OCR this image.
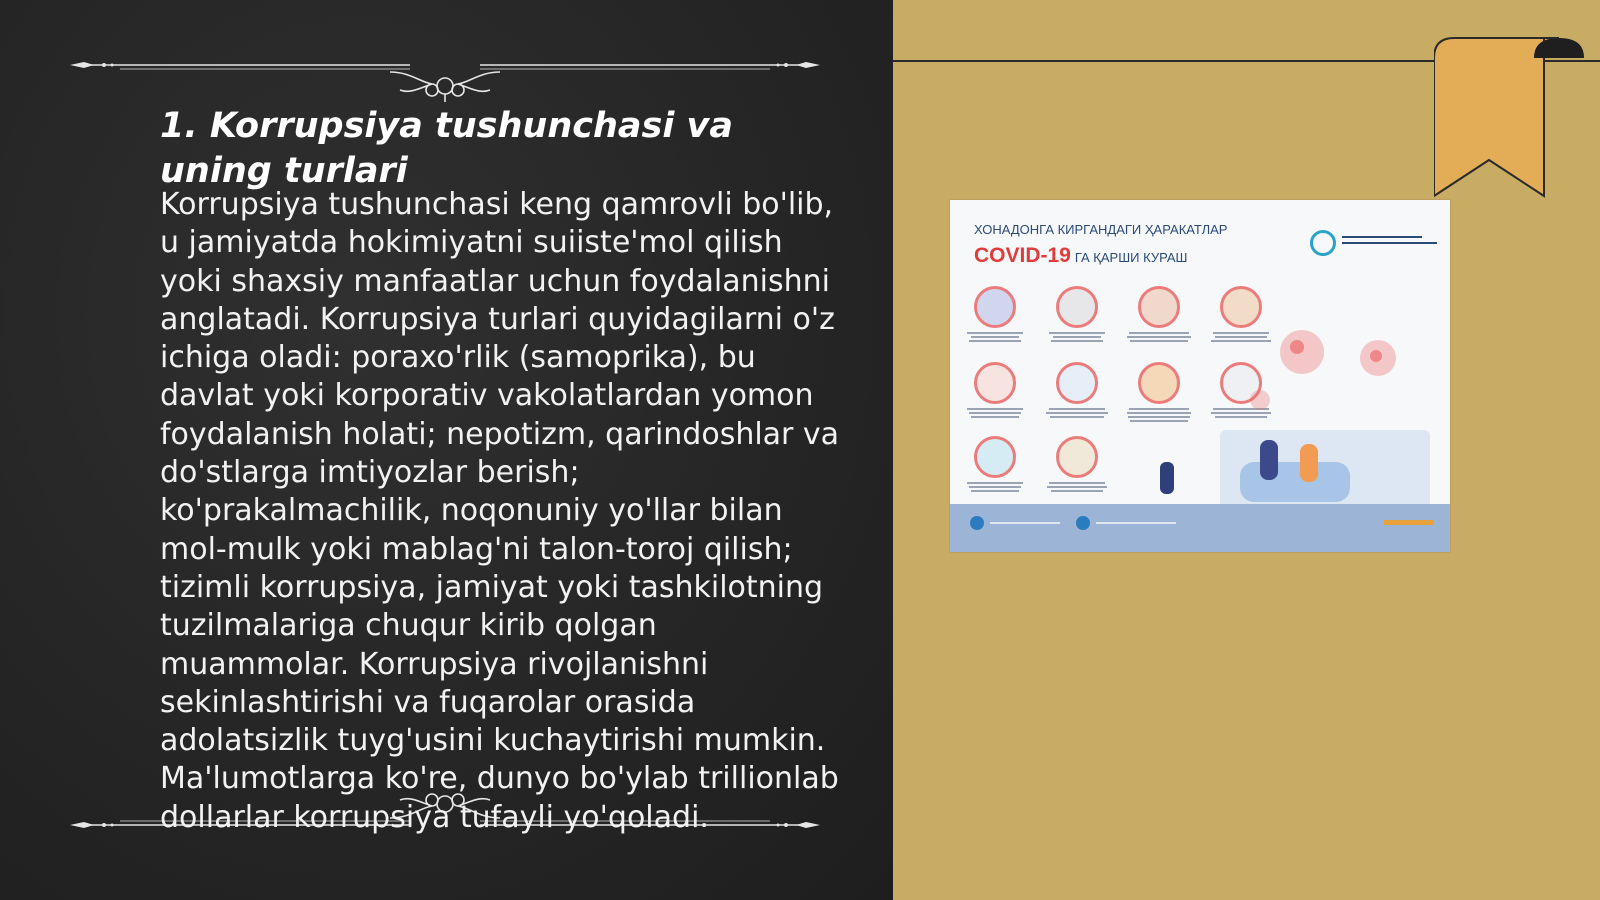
1. Korrupsiya tushunchasi va uning turlari

Korrupsiya tushunchasi keng qamrovli bo'lib, u jamiyatda hokimiyatni suiiste'mol qilish yoki shaxsiy manfaatlar uchun foydalanishni anglatadi. Korrupsiya turlari quyidagilarni o'z ichiga oladi: poraxo'rlik (samoprika), bu davlat yoki korporativ vakolatlardan yomon foydalanish holati; nepotizm, qarindoshlar va do'stlarga imtiyozlar berish; ko'prakalmachilik, noqonuniy yo'llar bilan mol-mulk yoki mablag'ni talon-toroj qilish; tizimli korrupsiya, jamiyat yoki tashkilotning tuzilmalariga chuqur kirib qolgan muammolar. Korrupsiya rivojlanishni sekinlashtirishi va fuqarolar orasida adolatsizlik tuyg'usini kuchaytirishi mumkin. Ma'lumotlarga ko're, dunyo bo'ylab trillionlab dollarlar korrupsiya tufayli yo'qoladi.

ХОНАДОНГА КИРГАНДАГИ ҲАРАКАТЛАР
COVID-19 ГА ҚАРШИ КУРАШ
